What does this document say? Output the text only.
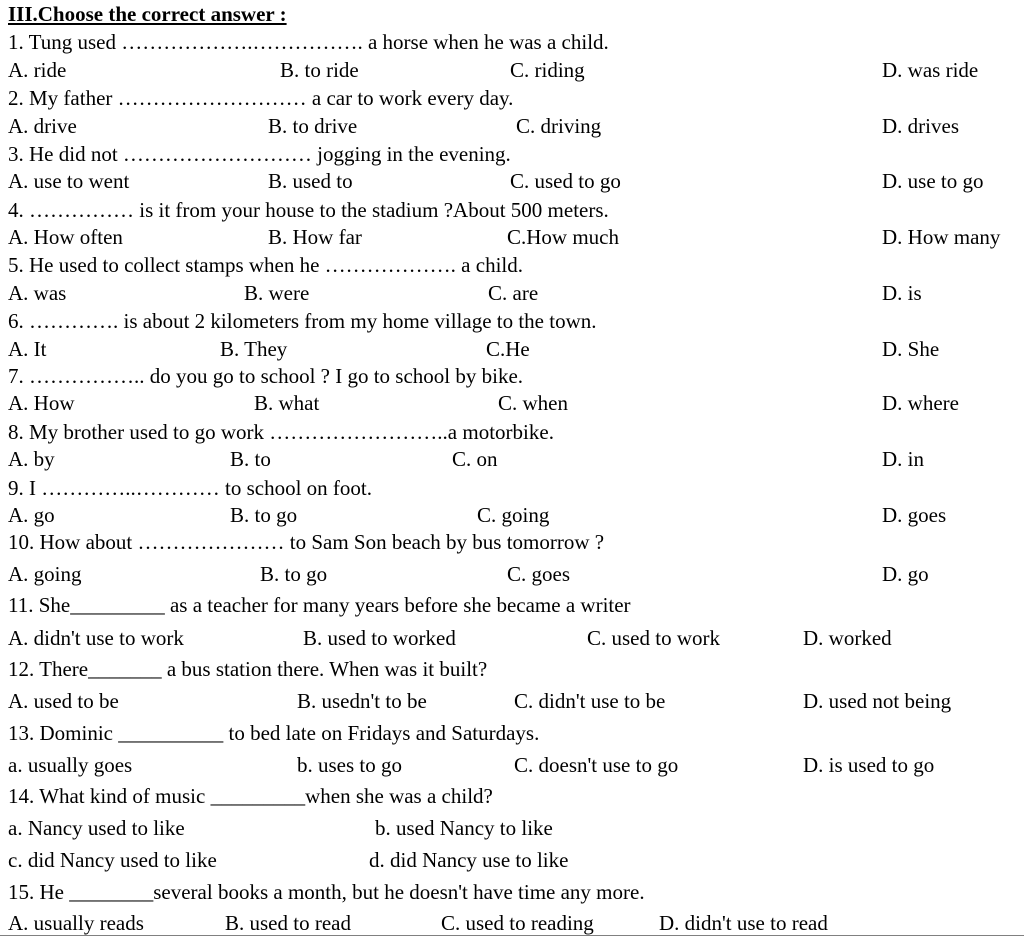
III.Choose the correct answer :
1. Tung used ……………….……………. a horse when he was a child.
A. ride	B. to ride	C. riding	D. was ride
2. My father ……………………… a car to work every day.
A. drive	B. to drive	C. driving	D. drives
3. He did not ……………………… jogging in the evening.
A. use to went	B. used to	C. used to go	D. use to go
4. …………… is it from your house to the stadium ?About 500 meters.
A. How often	B. How far	C.How much	D. How many
5. He used to collect stamps when he ………………. a child.
A. was	B. were	C. are	D. is
6. …………. is about 2 kilometers from my home village to the town.
A. It	B. They	C.He	D. She
7. …………….. do you go to school ? I go to school by bike.
A. How	B. what	C. when	D. where
8. My brother used to go work ……………………..a motorbike.
A. by	B. to	C. on	D. in
9. I …………..………… to school on foot.
A. go	B. to go	C. going	D. goes
10. How about ………………… to Sam Son beach by bus tomorrow ?
A. going	B. to go	C. goes	D. go
11. She_________ as a teacher for many years before she became a writer
A. didn't use to work	B. used to worked	C. used to work	D. worked
12. There_______ a bus station there. When was it built?
A. used to be	B. usedn't to be	C. didn't use to be	D. used not being
13. Dominic __________ to bed late on Fridays and Saturdays.
a. usually goes	b. uses to go	C. doesn't use to go	D. is used to go
14. What kind of music _________when she was a child?
a. Nancy used to like	b. used Nancy to like
c. did Nancy used to like	d. did Nancy use to like
15. He ________several books a month, but he doesn't have time any more.
A. usually reads	B. used to read	C. used to reading	D. didn't use to read
